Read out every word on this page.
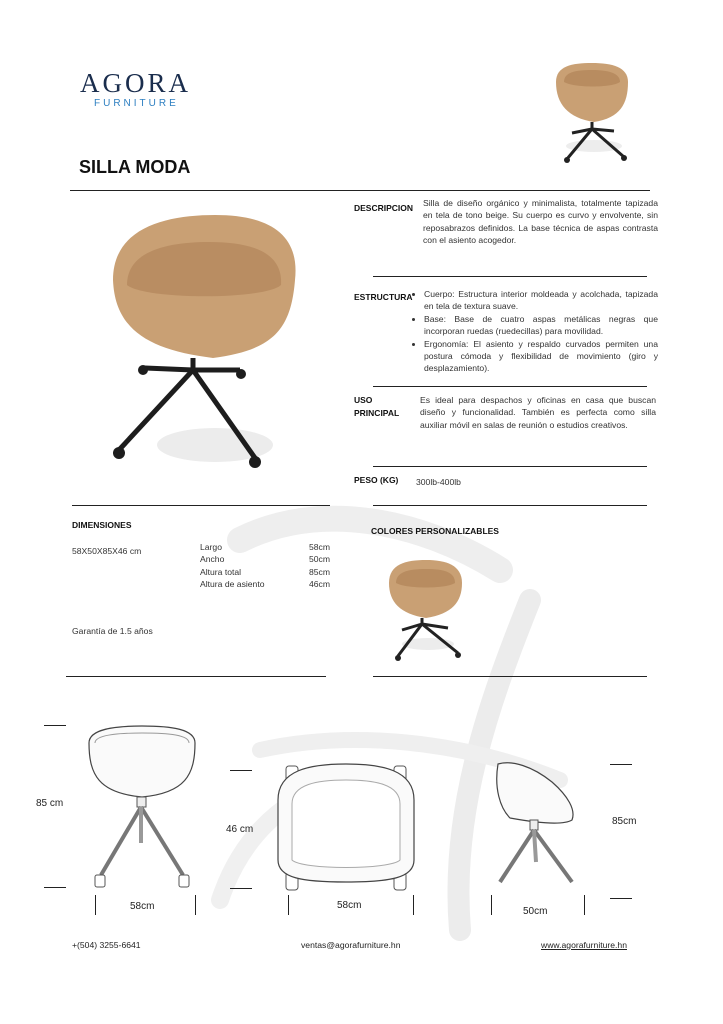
AGORA
FURNITURE
SILLA MODA
DESCRIPCION Silla de diseño orgánico y minimalista, totalmente tapizada en tela de tono beige. Su cuerpo es curvo y envolvente, sin reposabrazos definidos. La base técnica de aspas contrasta con el asiento acogedor.
ESTRUCTURA
• Cuerpo: Estructura interior moldeada y acolchada, tapizada en tela de textura suave.
• Base: Base de cuatro aspas metálicas negras que incorporan ruedas (ruedecillas) para movilidad.
• Ergonomía: El asiento y respaldo curvados permiten una postura cómoda y flexibilidad de movimiento (giro y desplazamiento).
USO
PRINCIPAL
Es ideal para despachos y oficinas en casa que buscan diseño y funcionalidad. También es perfecta como silla auxiliar móvil en salas de reunión o estudios creativos.
PESO (KG) 300lb-400lb
DIMENSIONES
58X50X85X46 cm	Largo	58cm
Ancho	50cm
Altura total	85cm
Altura de asiento	46cm
Garantía de 1.5 años
COLORES PERSONALIZABLES
85 cm
58cm
46 cm
58cm
85cm
50cm
+(504) 3255-6641	ventas@agorafurniture.hn	www.agorafurniture.hn
